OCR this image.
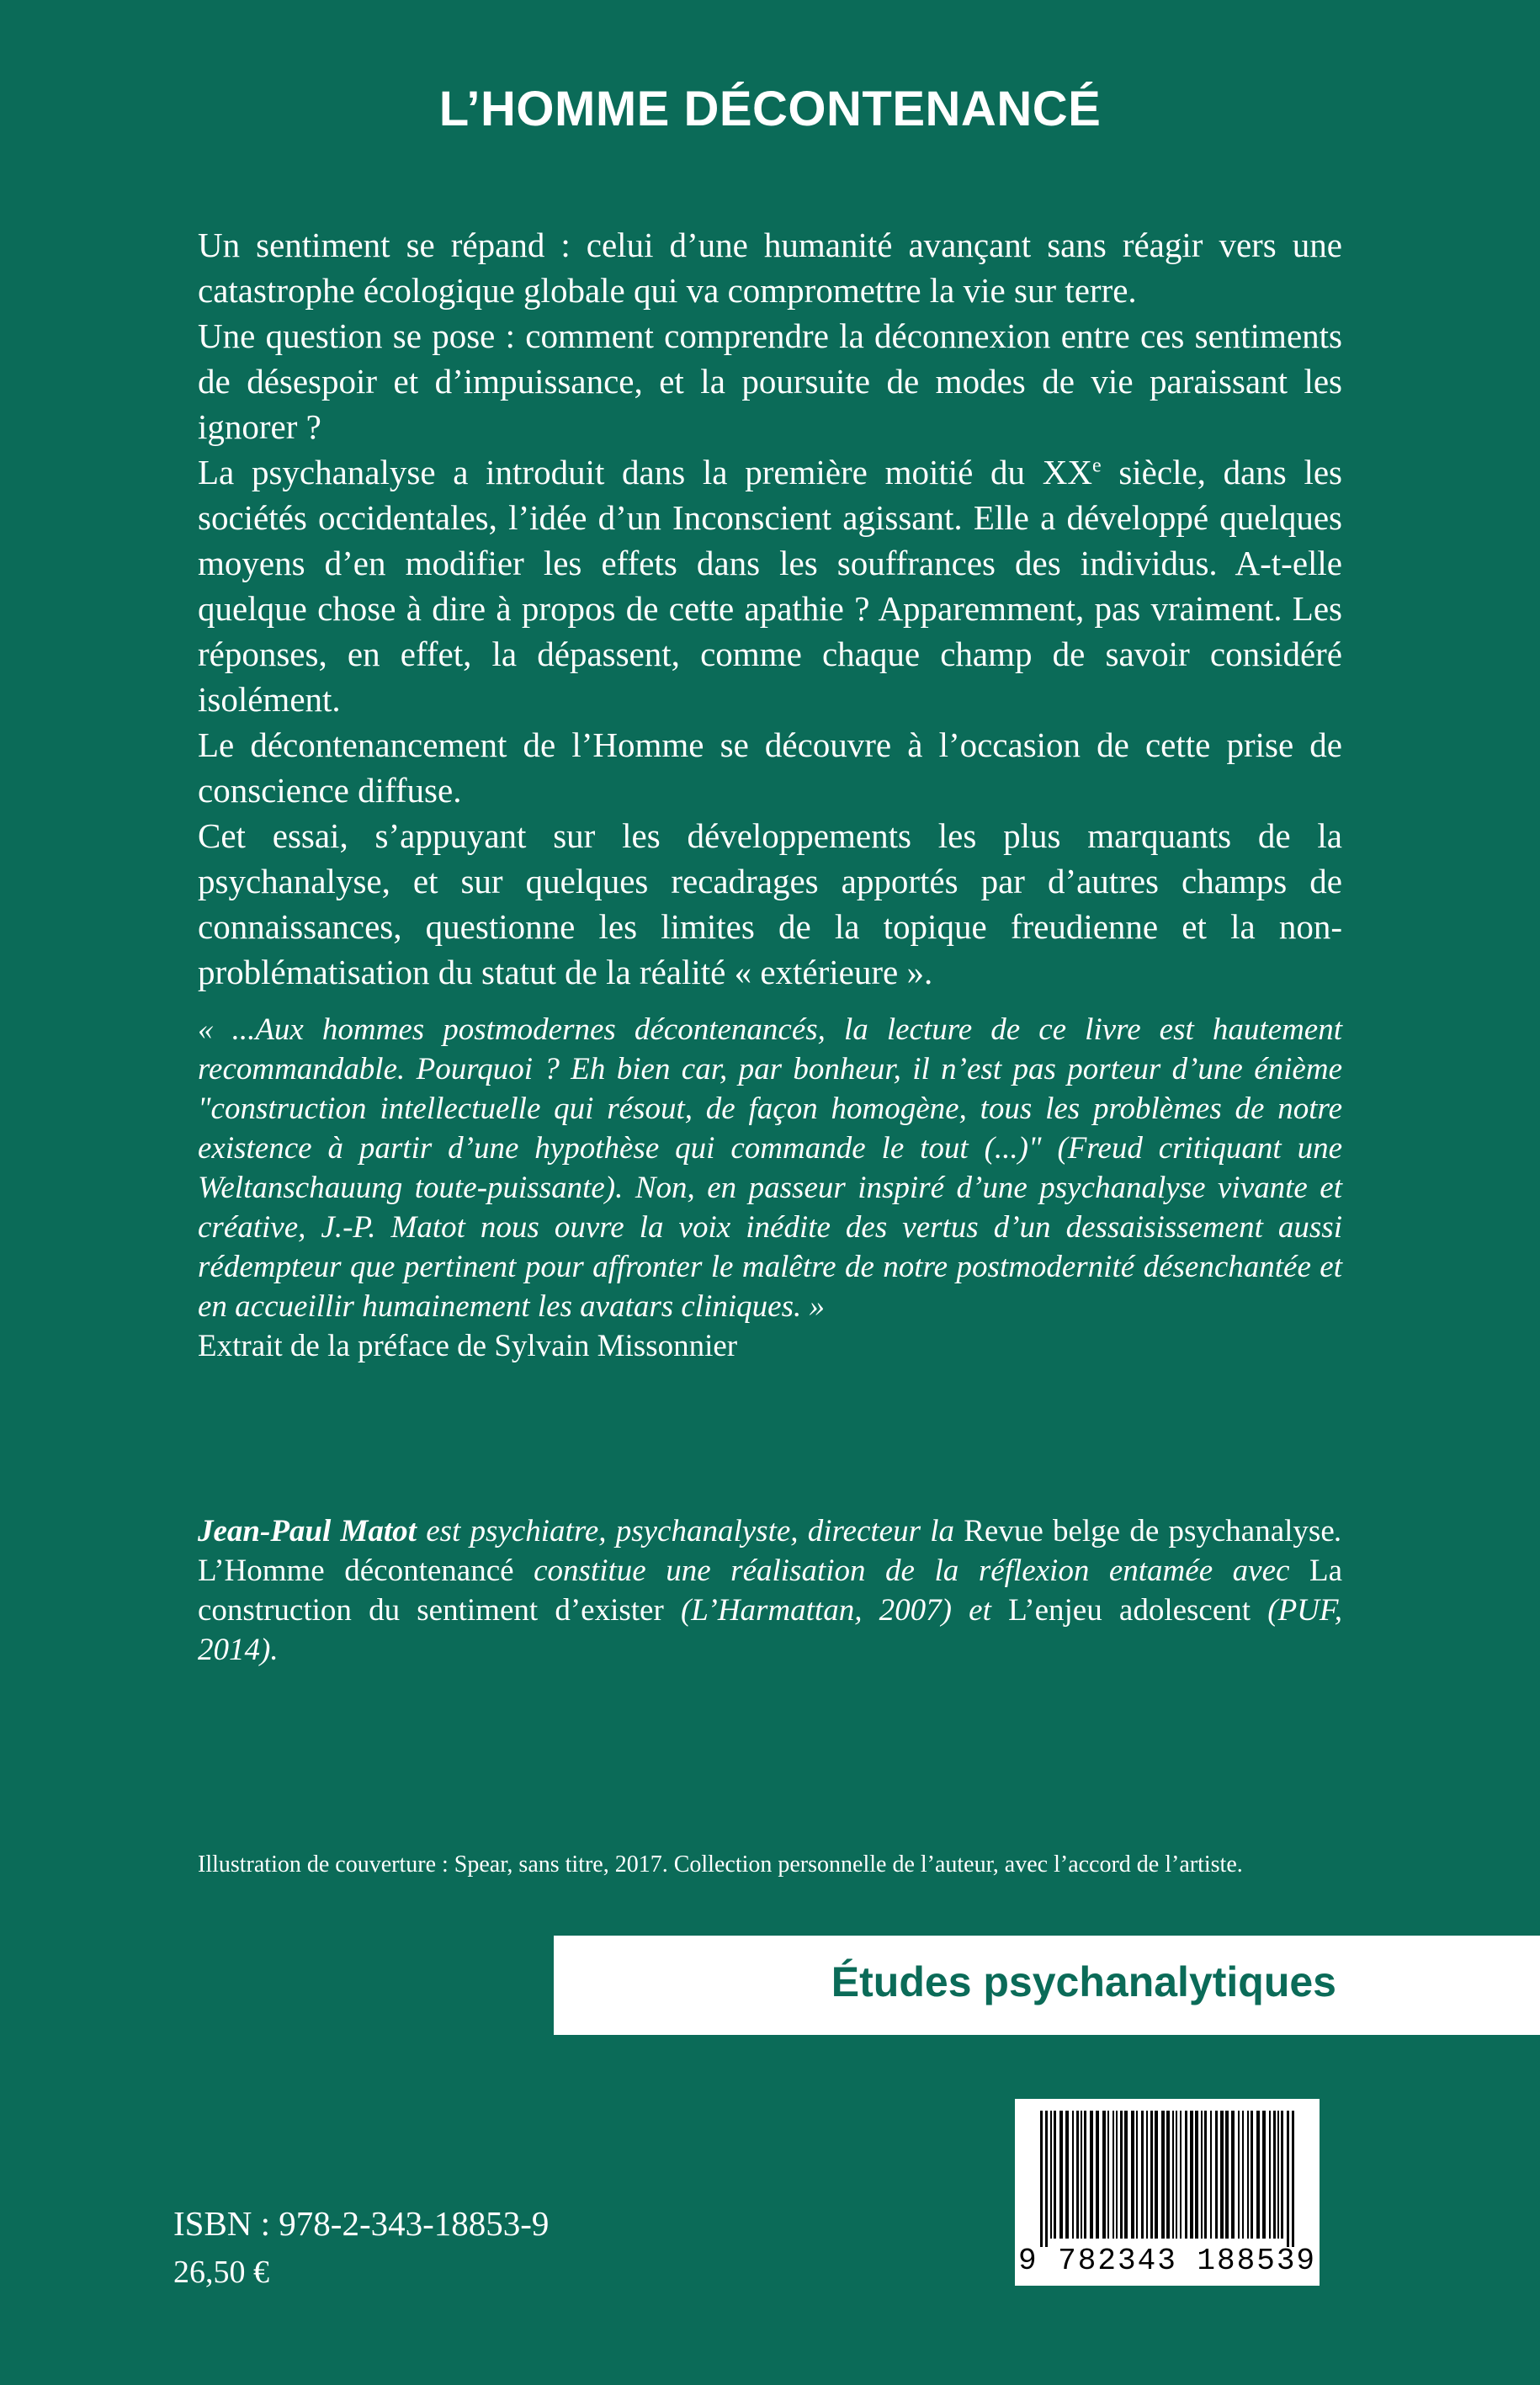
L’HOMME DÉCONTENANCÉ

Un sentiment se répand : celui d’une humanité avançant sans réagir vers une catastrophe écologique globale qui va compromettre la vie sur terre.

Une question se pose : comment comprendre la déconnexion entre ces sentiments de désespoir et d’impuissance, et la poursuite de modes de vie paraissant les ignorer ?

La psychanalyse a introduit dans la première moitié du XXe siècle, dans les sociétés occidentales, l’idée d’un Inconscient agissant. Elle a développé quelques moyens d’en modifier les effets dans les souffrances des individus. A-t-elle quelque chose à dire à propos de cette apathie ? Apparemment, pas vraiment. Les réponses, en effet, la dépassent, comme chaque champ de savoir considéré isolément.

Le décontenancement de l’Homme se découvre à l’occasion de cette prise de conscience diffuse.

Cet essai, s’appuyant sur les développements les plus marquants de la psychanalyse, et sur quelques recadrages apportés par d’autres champs de connaissances, questionne les limites de la topique freudienne et la non-problématisation du statut de la réalité « extérieure ».

« ...Aux hommes postmodernes décontenancés, la lecture de ce livre est hautement recommandable. Pourquoi ? Eh bien car, par bonheur, il n’est pas porteur d’une énième "construction intellectuelle qui résout, de façon homogène, tous les problèmes de notre existence à partir d’une hypothèse qui commande le tout (...)" (Freud critiquant une Weltanschauung toute-puissante). Non, en passeur inspiré d’une psychanalyse vivante et créative, J.-P. Matot nous ouvre la voix inédite des vertus d’un dessaisissement aussi rédempteur que pertinent pour affronter le malêtre de notre postmodernité désenchantée et en accueillir humainement les avatars cliniques. »

Extrait de la préface de Sylvain Missonnier

Jean-Paul Matot est psychiatre, psychanalyste, directeur la Revue belge de psychanalyse. L’Homme décontenancé constitue une réalisation de la réflexion entamée avec La construction du sentiment d’exister (L’Harmattan, 2007) et L’enjeu adolescent (PUF, 2014).
Illustration de couverture : Spear, sans titre, 2017. Collection personnelle de l’auteur, avec l’accord de l’artiste.
Études psychanalytiques
9 782343 188539
ISBN : 978-2-343-18853-9
26,50 €
